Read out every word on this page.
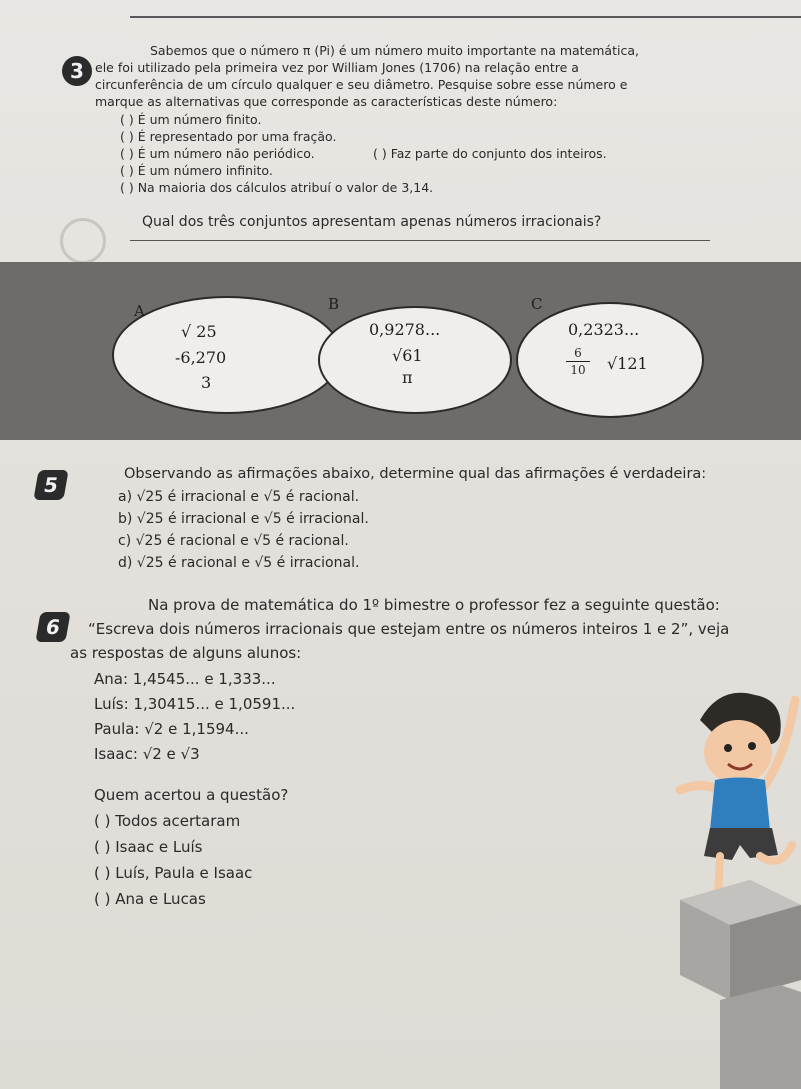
3
Sabemos que o número π (Pi) é um número muito importante na matemática,
ele foi utilizado pela primeira vez por William Jones (1706) na relação entre a
circunferência de um círculo qualquer e seu diâmetro. Pesquise sobre esse número e
marque as alternativas que corresponde as características deste número:
( ) É um número finito.
( ) É representado por uma fração.
( ) É um número não periódico.	( ) Faz parte do conjunto dos inteiros.
( ) É um número infinito.
( ) Na maioria dos cálculos atribuí o valor de 3,14.
Qual dos três conjuntos apresentam apenas números irracionais?
A	B	C
√ 25
-6,270
3
0,9278...
√61
π
0,2323...
6
10 √121
5	Observando as afirmações abaixo, determine qual das afirmações é verdadeira:
a) √25 é irracional e √5 é racional.
b) √25 é irracional e √5 é irracional.
c) √25 é racional e √5 é racional.
d) √25 é racional e √5 é irracional.
6
Na prova de matemática do 1º bimestre o professor fez a seguinte questão:
“Escreva dois números irracionais que estejam entre os números inteiros 1 e 2”, veja
as respostas de alguns alunos:
Ana: 1,4545... e 1,333...
Luís: 1,30415... e 1,0591...
Paula: √2 e 1,1594...
Isaac: √2 e √3
Quem acertou a questão?
( ) Todos acertaram
( ) Isaac e Luís
( ) Luís, Paula e Isaac
( ) Ana e Lucas
